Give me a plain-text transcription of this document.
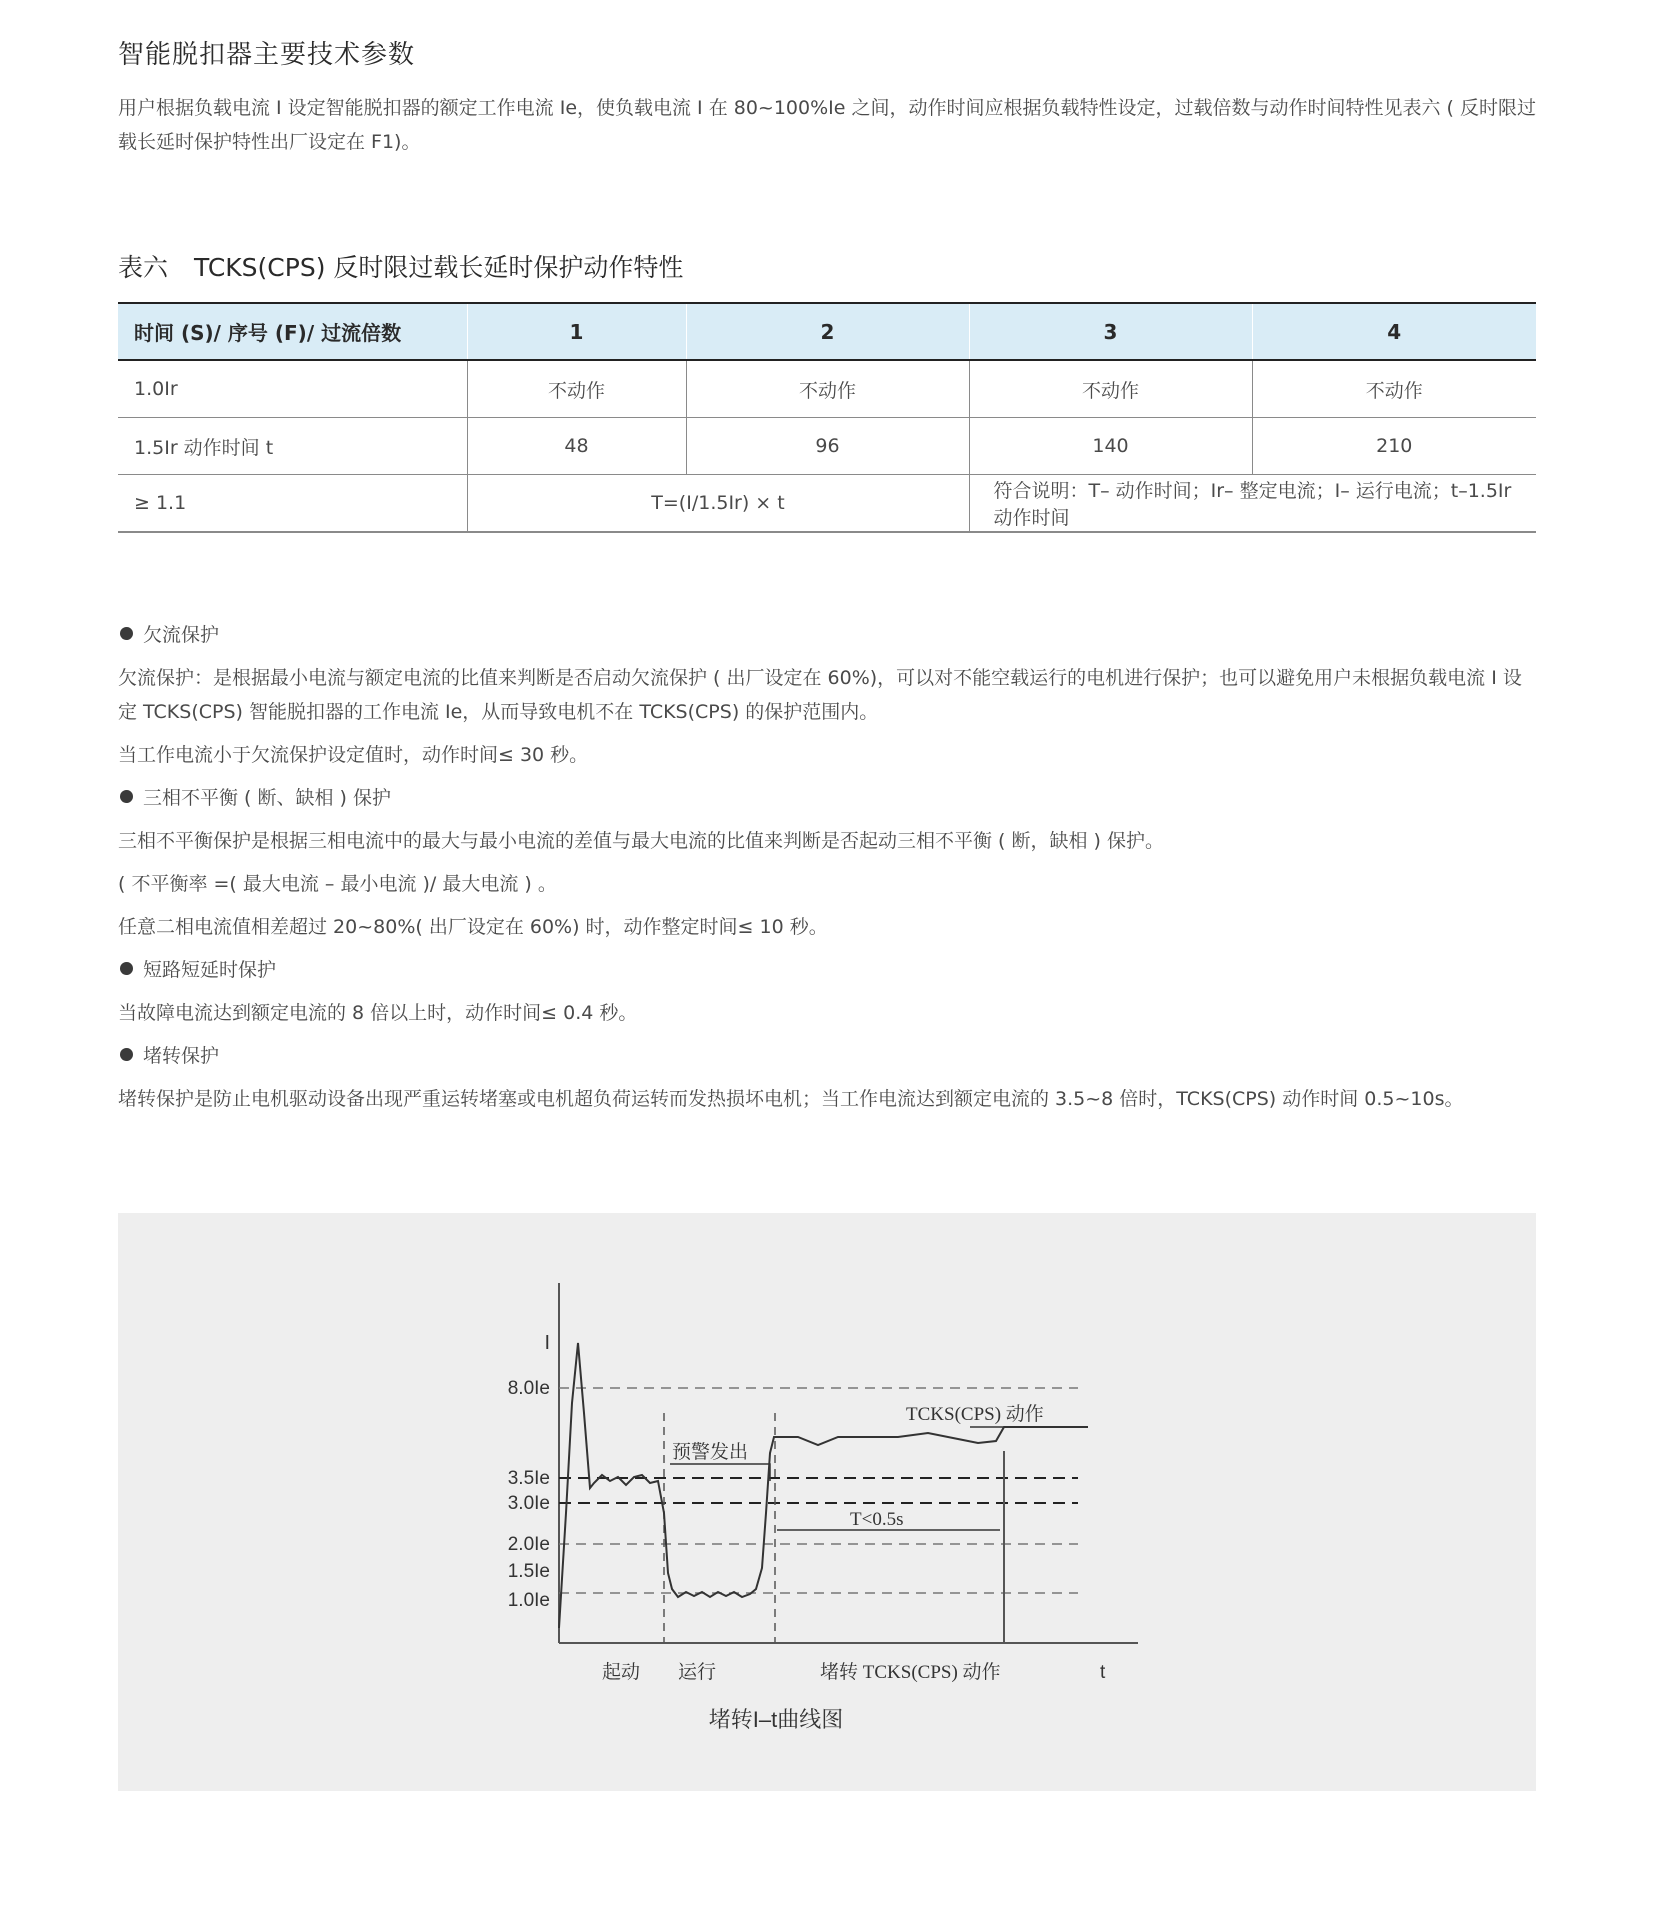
智能脱扣器主要技术参数

用户根据负载电流 I 设定智能脱扣器的额定工作电流 Ie，使负载电流 I 在 80~100%Ie 之间，动作时间应根据负载特性设定，过载倍数与动作时间特性见表六 ( 反时限过载长延时保护特性出厂设定在 F1)。

表六 TCKS(CPS) 反时限过载长延时保护动作特性
时间 (S)/ 序号 (F)/ 过流倍数	1	2	3	4
1.0Ir	不动作	不动作	不动作	不动作
1.5Ir 动作时间 t	48	96	140	210
≥ 1.1	T=(I/1.5Ir) × t		符合说明：T– 动作时间；Ir– 整定电流；I– 运行电流；t–1.5Ir 动作时间	

欠流保护

欠流保护：是根据最小电流与额定电流的比值来判断是否启动欠流保护 ( 出厂设定在 60%)，可以对不能空载运行的电机进行保护；也可以避免用户未根据负载电流 I 设定 TCKS(CPS) 智能脱扣器的工作电流 Ie，从而导致电机不在 TCKS(CPS) 的保护范围内。

当工作电流小于欠流保护设定值时，动作时间≤ 30 秒。

三相不平衡 ( 断、缺相 ) 保护

三相不平衡保护是根据三相电流中的最大与最小电流的差值与最大电流的比值来判断是否起动三相不平衡 ( 断，缺相 ) 保护。

( 不平衡率 =( 最大电流 – 最小电流 )/ 最大电流 ) 。

任意二相电流值相差超过 20~80%( 出厂设定在 60%) 时，动作整定时间≤ 10 秒。

短路短延时保护

当故障电流达到额定电流的 8 倍以上时，动作时间≤ 0.4 秒。

堵转保护

堵转保护是防止电机驱动设备出现严重运转堵塞或电机超负荷运转而发热损坏电机；当工作电流达到额定电流的 3.5~8 倍时，TCKS(CPS) 动作时间 0.5~10s。

I
8.0Ie
3.5Ie
3.0Ie
2.0Ie
1.5Ie
1.0Ie
预警发出
TCKS(CPS) 动作
T<0.5s
起动 运行	堵转 TCKS(CPS) 动作	t
堵转I–t曲线图
